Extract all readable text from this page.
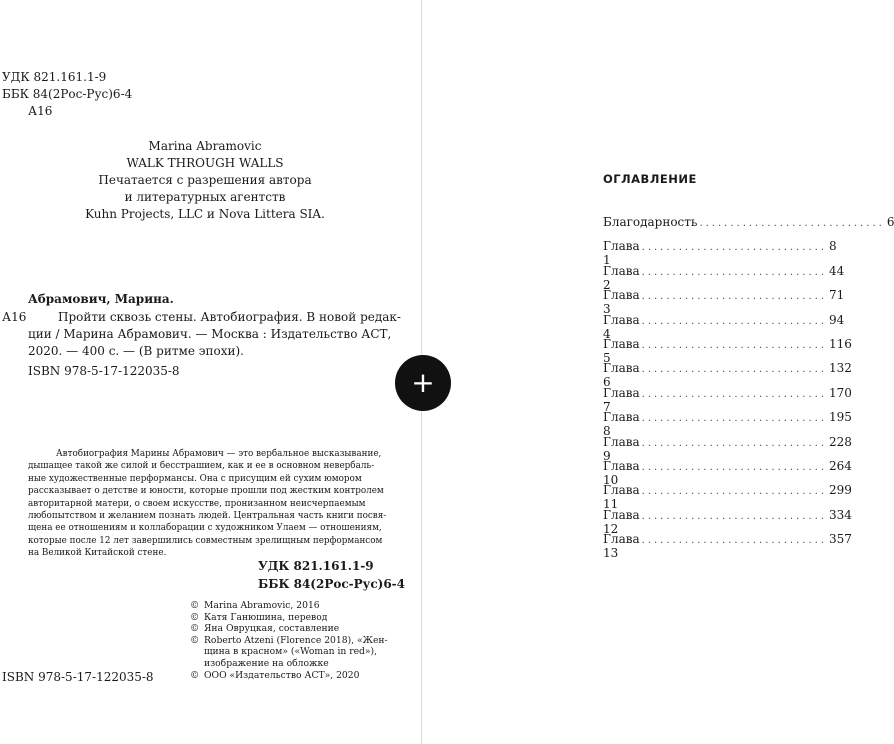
УДК 821.161.1-9
ББК 84(2Рос-Рус)6-4
А16
Marina Abramovic
WALK THROUGH WALLS
Печатается с разрешения автора
и литературных агентств
Kuhn Projects, LLC и Nova Littera SIA.
Абрамович, Марина.
А16	Пройти сквозь стены. Автобиография. В новой редак-
ции / Марина Абрамович. — Москва : Издательство АСТ,
2020. — 400 с. — (В ритме эпохи).
ISBN 978-5-17-122035-8
Автобиография Марины Абрамович — это вербальное высказывание,
дышащее такой же силой и бесстрашием, как и ее в основном невербаль-
ные художественные перформансы. Она с присущим ей сухим юмором
рассказывает о детстве и юности, которые прошли под жестким контролем
авторитарной матери, о своем искусстве, пронизанном неисчерпаемым
любопытством и желанием познать людей. Центральная часть книги посвя-
щена ее отношениям и коллаборации с художником Улаем — отношениям,
которые после 12 лет завершились совместным зрелищным перформансом
на Великой Китайской стене.
УДК 821.161.1-9
ББК 84(2Рос-Рус)6-4
© Marina Abramovic, 2016
© Катя Ганюшина, перевод
© Яна Овруцкая, составление
© Roberto Atzeni (Florence 2018), «Жен-
щина в красном» («Woman in red»),
изображение на обложке
© ООО «Издательство АСТ», 2020
ISBN 978-5-17-122035-8
+
ОГЛАВЛЕНИЕ
Благодарность .............................. 6
Глава 1
.............................. 8
Глава 2
.............................. 44
Глава 3
.............................. 71
Глава 4
.............................. 94
Глава 5
.............................. 116
Глава 6
.............................. 132
Глава 7
.............................. 170
Глава 8
.............................. 195
Глава 9
.............................. 228
Глава 10
.............................. 264
Глава 11
.............................. 299
Глава 12
.............................. 334
Глава 13
.............................. 357
